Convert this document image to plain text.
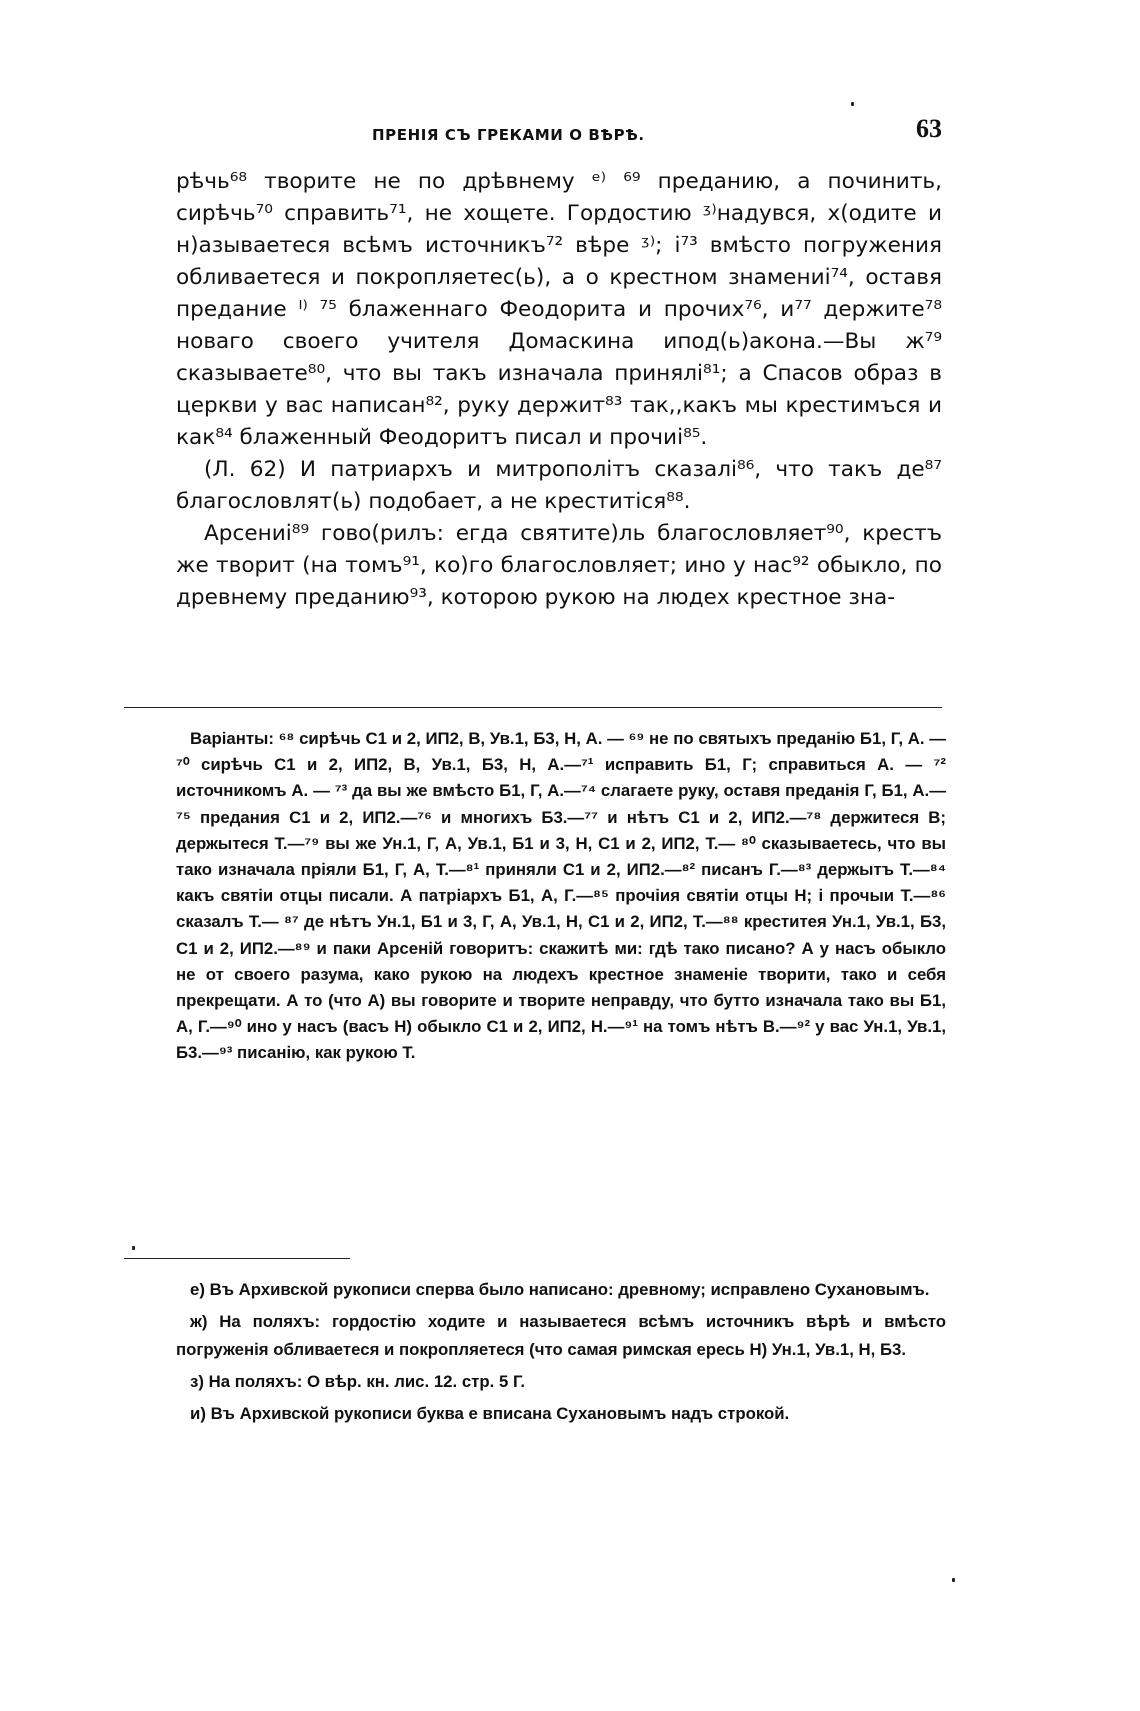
ПРЕНІЯ СЪ ГРЕКАМИ О ВѢРѢ.	63

рѣчь⁶⁸ творите не по дрѣвнему ᵉ⁾ ⁶⁹ преданию, а починить, сирѣчь⁷⁰ справить⁷¹, не хощете. Гордостию ᶾ⁾надувся, х(одите и н)азываетеся всѣмъ источникъ⁷² вѣре ᶾ⁾; і⁷³ вмѣсто погружения обливаетеся и покропляетес(ь), а о крестном знамениі⁷⁴, оставя предание ᴵ⁾ ⁷⁵ блаженнаго Феодорита и прочих⁷⁶, и⁷⁷ держите⁷⁸ новаго своего учителя Домаскина ипод(ь)акона.—Вы ж⁷⁹ сказываете⁸⁰, что вы такъ изначала принялі⁸¹; а Спасов образ в церкви у вас написан⁸², руку держит⁸³ так,,какъ мы крестимъся и как⁸⁴ блаженный Феодоритъ писал и прочиі⁸⁵.

(Л. 62) И патриархъ и митрополітъ сказалі⁸⁶, что такъ де⁸⁷ благословлят(ь) подобает, а не креститіся⁸⁸.

Арсениі⁸⁹ гово(рилъ: егда святите)ль благословляет⁹⁰, крестъ же творит (на томъ⁹¹, ко)го благословляет; ино у нас⁹² обыкло, по древнему преданию⁹³, которою рукою на людех крестное зна-

Варіанты: ⁶⁸ сирѣчь С1 и 2, ИП2, В, Ув.1, Б3, Н, А. — ⁶⁹ не по святыхъ преданію Б1, Г, А. — ⁷⁰ сирѣчь С1 и 2, ИП2, В, Ув.1, Б3, Н, А.—⁷¹ исправить Б1, Г; справиться А. — ⁷² источникомъ А. — ⁷³ да вы же вмѣсто Б1, Г, А.—⁷⁴ слагаете руку, оставя преданія Г, Б1, А.—⁷⁵ предания С1 и 2, ИП2.—⁷⁶ и многихъ Б3.—⁷⁷ и нѣтъ С1 и 2, ИП2.—⁷⁸ держитеся В; держытеся Т.—⁷⁹ вы же Ун.1, Г, А, Ув.1, Б1 и 3, Н, С1 и 2, ИП2, Т.— ⁸⁰ сказываетесь, что вы тако изначала пріяли Б1, Г, А, Т.—⁸¹ приняли С1 и 2, ИП2.—⁸² писанъ Г.—⁸³ держытъ Т.—⁸⁴ какъ святіи отцы писали. А патріархъ Б1, А, Г.—⁸⁵ прочіия святіи отцы Н; і прочыи Т.—⁸⁶ сказалъ Т.— ⁸⁷ де нѣтъ Ун.1, Б1 и 3, Г, А, Ув.1, Н, С1 и 2, ИП2, Т.—⁸⁸ креститея Ун.1, Ув.1, Б3, С1 и 2, ИП2.—⁸⁹ и паки Арсеній говоритъ: скажитѣ ми: гдѣ тако писано? А у насъ обыкло не от своего разума, како рукою на людехъ крестное знаменіе творити, тако и себя прекрещати. А то (что А) вы говорите и творите неправду, что бутто изначала тако вы Б1, А, Г.—⁹⁰ ино у насъ (васъ Н) обыкло С1 и 2, ИП2, Н.—⁹¹ на томъ нѣтъ В.—⁹² у вас Ун.1, Ув.1, Б3.—⁹³ писанію, как рукою Т.

е) Въ Архивской рукописи сперва было написано: древному; исправлено Сухановымъ.

ж) На поляхъ: гордостію ходите и называетеся всѣмъ источникъ вѣрѣ и вмѣсто погруженія обливаетеся и покропляетеся (что самая римская ересь Н) Ун.1, Ув.1, Н, Б3.

з) На поляхъ: О вѣр. кн. лис. 12. стр. 5 Г.

и) Въ Архивской рукописи буква е вписана Сухановымъ надъ строкой.
